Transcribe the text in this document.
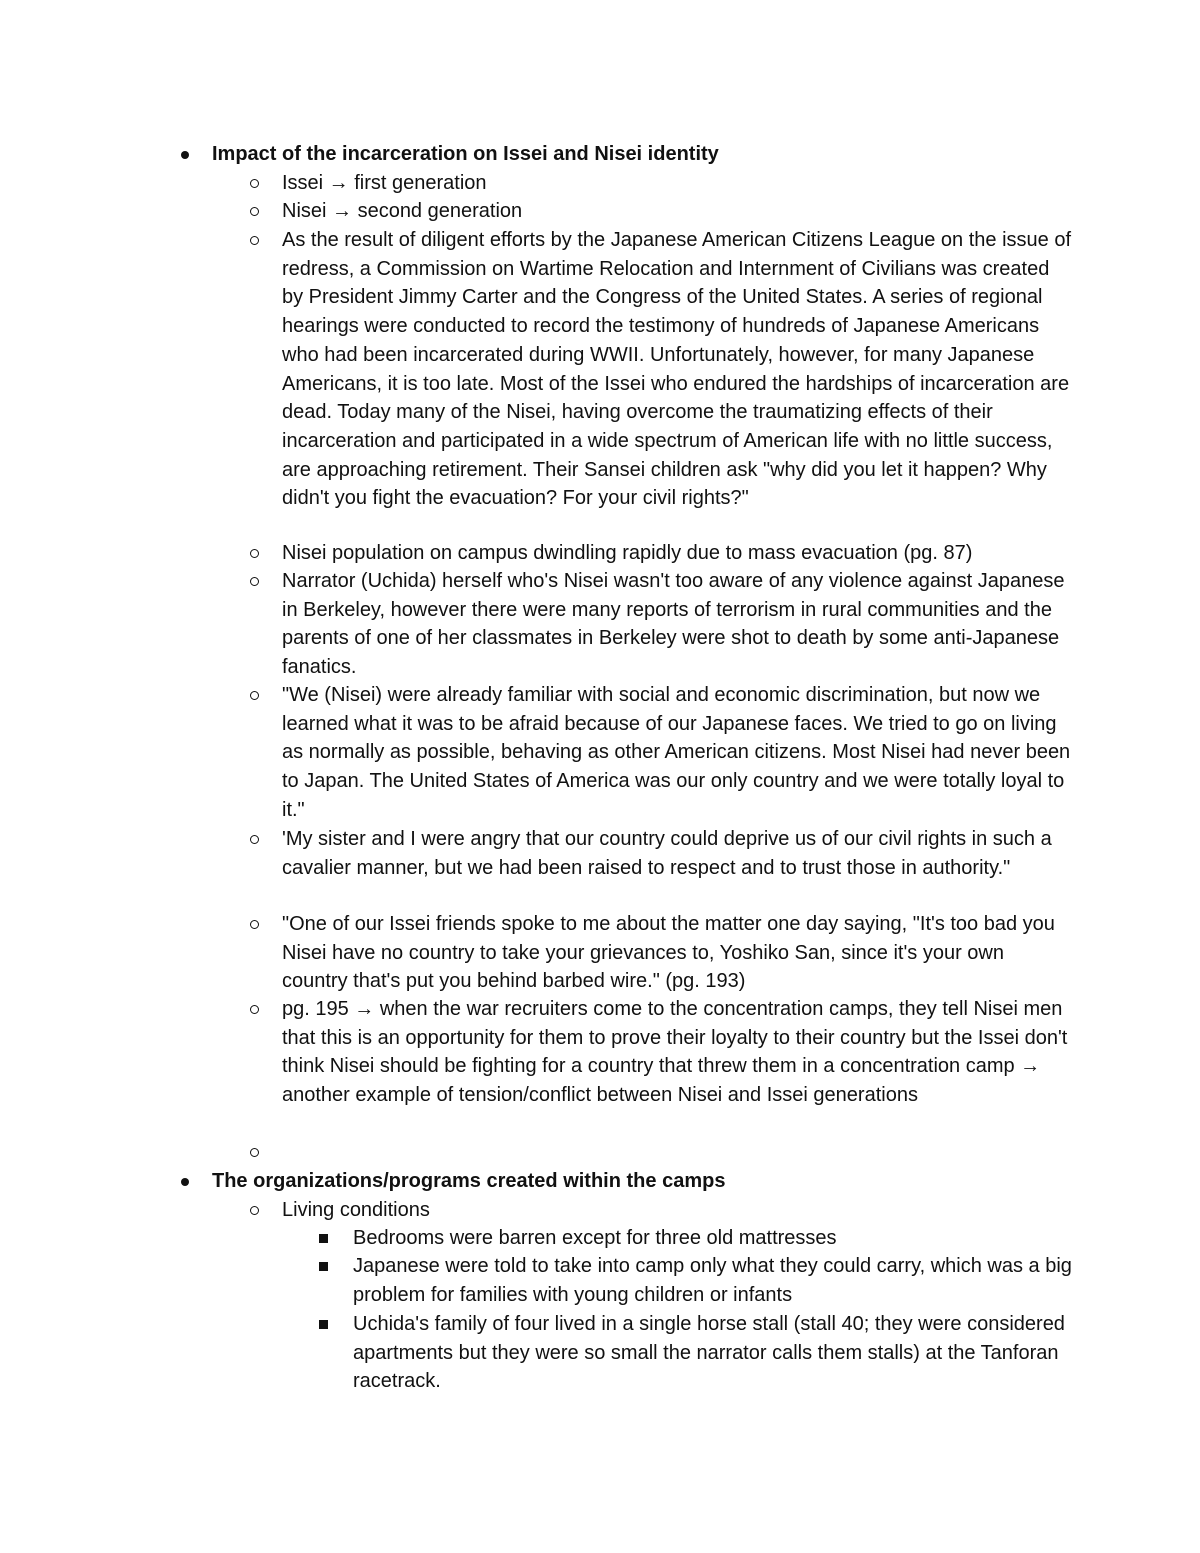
Impact of the incarceration on Issei and Nisei identity
Issei → first generation
Nisei → second generation
As the result of diligent efforts by the Japanese American Citizens League on the issue of redress, a Commission on Wartime Relocation and Internment of Civilians was created by President Jimmy Carter and the Congress of the United States. A series of regional hearings were conducted to record the testimony of hundreds of Japanese Americans who had been incarcerated during WWII. Unfortunately, however, for many Japanese Americans, it is too late. Most of the Issei who endured the hardships of incarceration are dead. Today many of the Nisei, having overcome the traumatizing effects of their incarceration and participated in a wide spectrum of American life with no little success, are approaching retirement. Their Sansei children ask "why did you let it happen? Why didn't you fight the evacuation? For your civil rights?"
Nisei population on campus dwindling rapidly due to mass evacuation (pg. 87)
Narrator (Uchida) herself who's Nisei wasn't too aware of any violence against Japanese in Berkeley, however there were many reports of terrorism in rural communities and the parents of one of her classmates in Berkeley were shot to death by some anti-Japanese fanatics.
"We (Nisei) were already familiar with social and economic discrimination, but now we learned what it was to be afraid because of our Japanese faces. We tried to go on living as normally as possible, behaving as other American citizens. Most Nisei had never been to Japan. The United States of America was our only country and we were totally loyal to it."
'My sister and I were angry that our country could deprive us of our civil rights in such a cavalier manner, but we had been raised to respect and to trust those in authority."
"One of our Issei friends spoke to me about the matter one day saying, "It's too bad you Nisei have no country to take your grievances to, Yoshiko San, since it's your own country that's put you behind barbed wire." (pg. 193)
pg. 195 → when the war recruiters come to the concentration camps, they tell Nisei men that this is an opportunity for them to prove their loyalty to their country but the Issei don't think Nisei should be fighting for a country that threw them in a concentration camp → another example of tension/conflict between Nisei and Issei generations
The organizations/programs created within the camps
Living conditions
Bedrooms were barren except for three old mattresses
Japanese were told to take into camp only what they could carry, which was a big problem for families with young children or infants
Uchida's family of four lived in a single horse stall (stall 40; they were considered apartments but they were so small the narrator calls them stalls) at the Tanforan racetrack.
